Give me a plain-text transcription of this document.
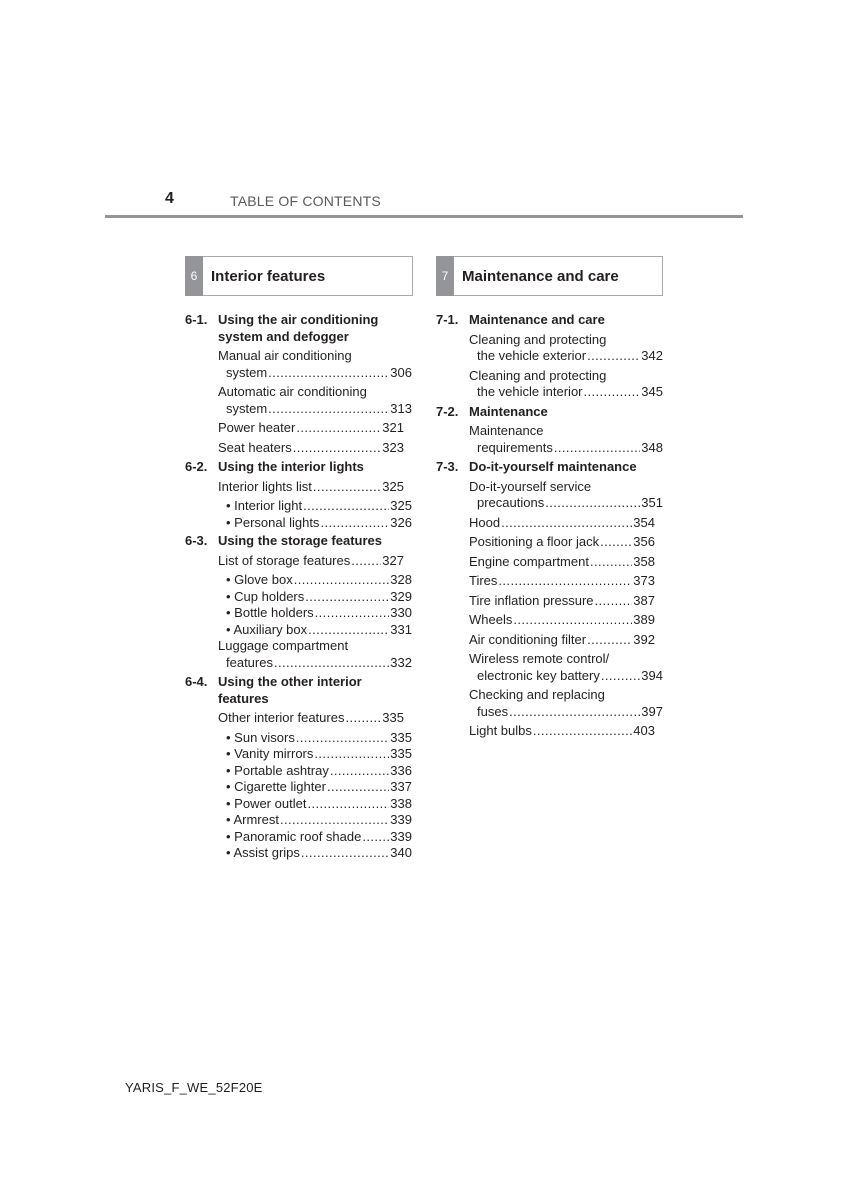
4	TABLE OF CONTENTS
6 Interior features
6-1. Using the air conditioning
system and defogger
Manual air conditioning
system .....	306
Automatic air conditioning
system .....	313
Power heater .....	321
Seat heaters .....	323
6-2. Using the interior lights
Interior lights list .....	325
• Interior light .....	325
• Personal lights .....	326
6-3. Using the storage features
List of storage features ..... 327
• Glove box .....	328
• Cup holders .....	329
• Bottle holders .....	330
• Auxiliary box .....	331
Luggage compartment
features .....	332
6-4. Using the other interior
features
Other interior features .....	335
• Sun visors .....	335
• Vanity mirrors .....	335
• Portable ashtray .....	336
• Cigarette lighter .....	337
• Power outlet .....	338
• Armrest .....	339
• Panoramic roof shade ..... 339
• Assist grips .....	340
7 Maintenance and care
7-1. Maintenance and care
Cleaning and protecting
the vehicle exterior .....	342
Cleaning and protecting
the vehicle interior .....	345
7-2. Maintenance
Maintenance
requirements .....	348
7-3. Do-it-yourself maintenance
Do-it-yourself service
precautions .....	351
Hood .....	354
Positioning a floor jack .....	356
Engine compartment .....	358
Tires .....	373
Tire inflation pressure .....	387
Wheels .....	389
Air conditioning filter .....	392
Wireless remote control/
electronic key battery .....	394
Checking and replacing
fuses .....	397
Light bulbs .....	403
YARIS_F_WE_52F20E
